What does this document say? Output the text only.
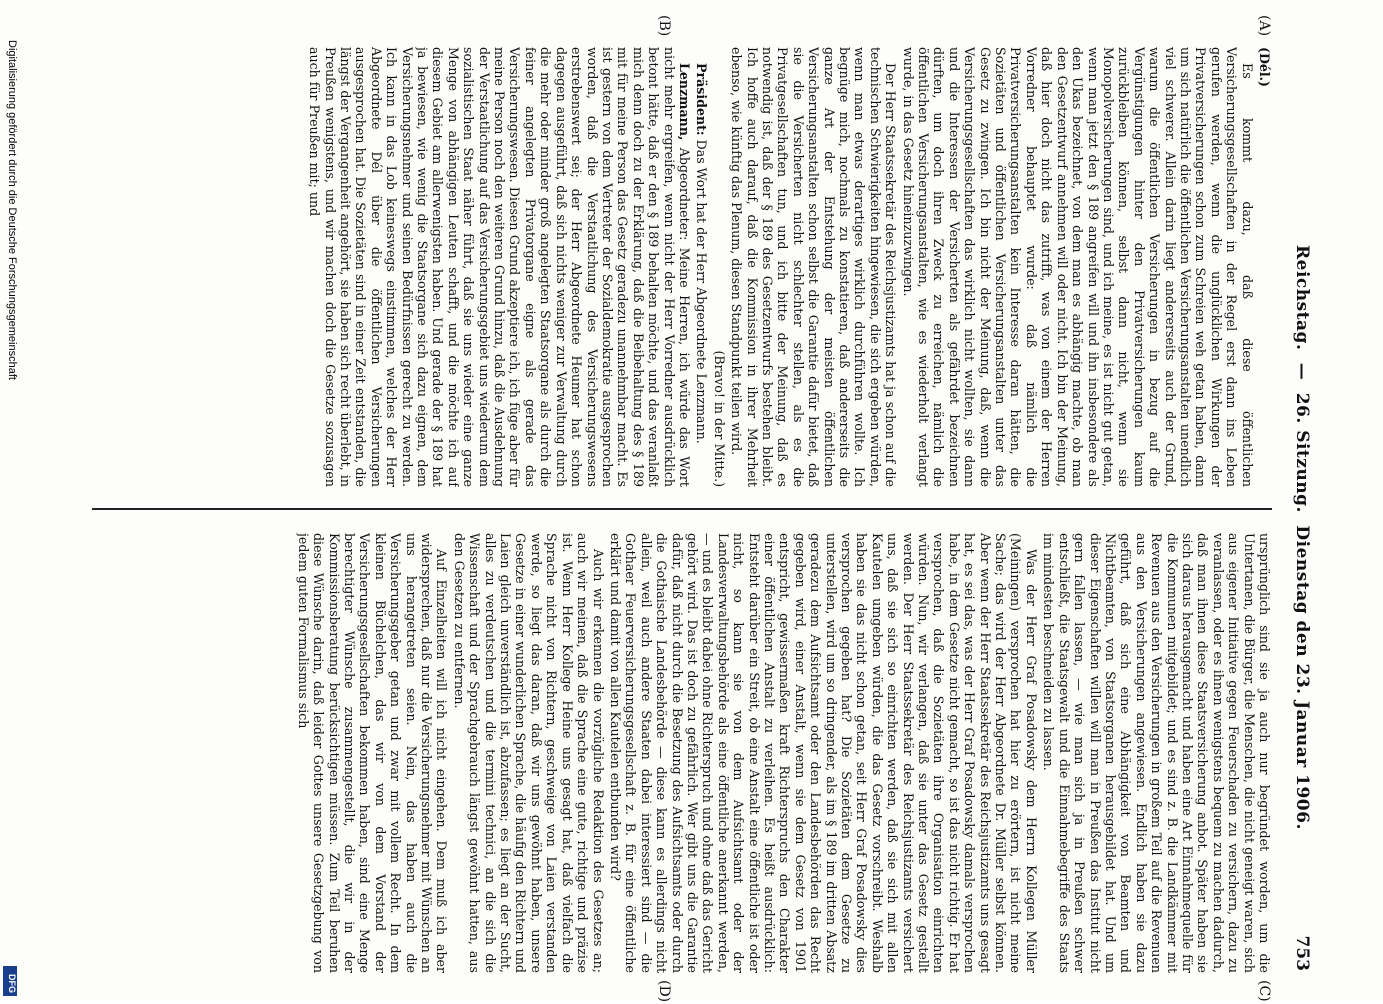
Reichstag. — 26. Sitzung. Dienstag den 23. Januar 1906.
753

(Dél.)

Es kommt dazu, daß diese öffentlichen Versicherungsgesellschaften in der Regel erst dann ins Leben gerufen werden, wenn die unglücklichen Wirkungen der Privatversicherungen schon zum Schreien weh getan haben, dann um sich natürlich die öffentlichen Versicherungsanstalten unendlich viel schwerer. Allein darin liegt andererseits auch der Grund, warum die öffentlichen Versicherungen in bezug auf die Vergünstigungen hinter den Privatversicherungen kaum zurückbleiben können, selbst dann nicht, wenn sie Monopolversicherungen sind, und ich meine, es ist nicht gut getan, wenn man jetzt den § 189 angreifen will und ihn insbesondere als den Ukas bezeichnet, von dem man es abhängig machte, ob man den Gesetzentwurf annehmen will oder nicht. Ich bin der Meinung, daß hier doch nicht das zutrifft, was von einem der Herren Vorredner behauptet wurde: daß nämlich die Privatversicherungsanstalten kein Interesse daran hätten, die Sozietäten und öffentlichen Versicherungsanstalten unter das Gesetz zu zwingen. Ich bin nicht der Meinung, daß, wenn die Versicherungsgesellschaften das wirklich nicht wollten, sie dann und die Interessen der Versicherten als gefährdet bezeichnen dürften, um doch ihren Zweck zu erreichen, nämlich die öffentlichen Versicherungsanstalten, wie es wiederholt verlangt wurde, in das Gesetz hineinzuzwingen.

Der Herr Staatssekretär des Reichsjustizamts hat ja schon auf die technischen Schwierigkeiten hingewiesen, die sich ergeben würden, wenn man etwas derartiges wirklich durchführen wollte. Ich begnüge mich, nochmals zu konstatieren, daß andererseits die ganze Art der Entstehung der meisten öffentlichen Versicherungsanstalten schon selbst die Garantie dafür bietet, daß sie die Versicherten nicht schlechter stellen, als es die Privatgesellschaften tun, und ich bitte der Meinung, daß es notwendig ist, daß der § 189 des Gesetzentwurfs bestehen bleibt. Ich hoffe auch darauf, daß die Kommission in ihrer Mehrheit ebenso, wie künftig das Plenum, diesen Standpunkt teilen wird.

(Bravo! in der Mitte.)

Präsident: Das Wort hat der Herr Abgeordnete Lenzmann.

Lenzmann, Abgeordneter: Meine Herren, ich würde das Wort nicht mehr ergreifen, wenn nicht der Herr Vorredner ausdrücklich betont hätte, daß er den § 189 behalten möchte, und das veranlaßt mich denn doch zu der Erklärung, daß die Beibehaltung des § 189 mit für meine Person das Gesetz geradezu unannehmbar macht. Es ist gestern von dem Vertreter der Sozialdemokratie ausgesprochen worden, daß die Verstaatlichung des Versicherungswesens erstrebenswert sei; der Herr Abgeordnete Heumer hat schon dagegen ausgeführt, daß sich nichts weniger zur Verwaltung durch die mehr oder minder groß angelegten Staatsorgane als durch die feiner angelegten Privatorgane eigne als gerade das Versicherungswesen. Diesen Grund akzeptiere ich, ich füge aber für meine Person noch den weiteren Grund hinzu, daß die Ausdehnung der Verstaatlichung auf das Versicherungsgebiet uns wiederum dem sozialistischen Staat näher führt, daß sie uns wieder eine ganze Menge von abhängigen Leuten schafft, und die möchte ich auf diesem Gebiet am allerwenigsten haben. Und gerade der § 189 hat ja bewiesen, wie wenig die Staatsorgane sich dazu eignen, dem Versicherungsnehmer und seinen Bedürfnissen gerecht zu werden. Ich kann in das Lob keineswegs einstimmen, welches der Herr Abgeordnete Dél über die öffentlichen Versicherungen ausgesprochen hat. Die Sozietäten sind in einer Zeit entstanden, die längst der Vergangenheit angehört, sie haben sich recht überlebt, in Preußen wenigstens, und wir machen doch die Gesetze sozusagen auch für Preußen mit; und

ursprünglich sind sie ja auch nur begründet worden, um die Untertanen, die Bürger, die Menschen, die nicht geneigt waren, sich aus eigener Initiative gegen Feuerschaden zu versichern, dazu zu veranlassen, oder es ihnen wenigstens bequem zu machen dadurch, daß man ihnen diese Staatsversicherung anbot. Später haben sie sich daraus herausgemacht und haben eine Art Einnahmequelle für die Kommunen mitgebildet; und es sind z. B. die Landkämmer mit Revenuen aus den Versicherungen in großem Teil auf die Revenuen aus den Versicherungen angewiesen. Endlich haben sie dazu geführt, daß sich eine Abhängigkeit von Beamten und Nichtbeamten, von Staatsorganen herausgebildet hat. Und um dieser Eigenschaften willen will man in Preußen das Institut nicht gern fallen lassen, — wie man sich ja in Preußen schwer entschließt, die Staatsgewalt und die Einnahmebegriffe des Staats im mindesten beschneiden zu lassen.

Was der Herr Graf Posadowsky dem Herrn Kollegen Müller (Meiningen) versprochen hat hier zu erörtern, ist nicht meine Sache; das wird der Herr Abgeordnete Dr. Müller selbst können. Aber wenn der Herr Staatssekretär des Reichsjustizamts uns gesagt hat, es sei das, was der Herr Graf Posadowsky damals versprochen habe, in dem Gesetze nicht gemacht, so ist das nicht richtig. Er hat versprochen, daß die Sozietäten ihre Organisation einrichten würden. Nun, wir verlangen, daß sie unter das Gesetz gestellt werden. Der Herr Staatssekretär des Reichsjustizamts versichert uns, daß sie sich so einrichten werden, daß sie sich mit allen Kautelen umgeben würden, die das Gesetz vorschreibt. Weshalb haben sie das nicht schon getan, seit Herr Graf Posadowsky dies versprochen gegeben hat? Die Sozietäten dem Gesetze zu unterstellen, wird um so dringender, als im § 189 im dritten Absatz geradezu dem Aufsichtsamt oder den Landesbehörden das Recht gegeben wird, einer Anstalt, wenn sie dem Gesetz von 1901 entspricht, gewissermaßen kraft Richterspruchs den Charakter einer öffentlichen Anstalt zu verleihen. Es heißt ausdrücklich: Entsteht darüber ein Streit, ob eine Anstalt eine öffentliche ist oder nicht, so kann sie von dem Aufsichtsamt oder der Landesverwaltungsbehörde als eine öffentliche anerkannt werden, — und es bleibt dabei ohne Richterspruch und ohne daß das Gericht gehört wird. Das ist doch zu gefährlich. Wer gibt uns die Garantie dafür, daß nicht durch die Besetzung des Aufsichtsamts oder durch die Gothaische Landesbehörde — diese kann es allerdings nicht allein, weil auch andere Staaten dabei interessiert sind — die Gothaer Feuerversicherungsgesellschaft z. B. für eine öffentliche erklärt und damit von allen Kautelen entbunden wird?

Auch wir erkennen die vorzügliche Redaktion des Gesetzes an; auch wir meinen, daß die Sprache eine gute, richtige und präzise ist. Wenn Herr Kollege Heine uns gesagt hat, daß vielfach die Sprache nicht von Richtern, geschweige von Laien verstanden werde, so liegt das daran, daß wir uns gewöhnt haben, unsere Gesetze in einer wunderlichen Sprache, die häufig den Richtern und Laien gleich unverständlich ist, abzufassen; es liegt an der Sucht, alles zu verdeutschen und die termini technici, an die sich die Wissenschaft und der Sprachgebrauch längst gewöhnt hatten, aus den Gesetzen zu entfernen.

Auf Einzelheiten will ich nicht eingehen. Dem muß ich aber widersprechen, daß nur die Versicherungsnehmer mit Wünschen an uns herangetreten seien. Nein, das haben auch die Versicherungsgeber getan und zwar mit vollem Recht. In dem kleinen Büchelchen, das wir von dem Vorstand der Versicherungsgesellschaften bekommen haben, sind eine Menge berechtigter Wünsche zusammengestellt, die wir in der Kommissionsberatung berücksichtigen müssen. Zum Teil beruhen diese Wünsche darin, daß leider Gottes unsere Gesetzgebung von jedem guten Formalismus sich

(A)
(B)
(C)
(D)
Digitalisierung gefördert durch die Deutsche Forschungsgemeinschaft
DFG
